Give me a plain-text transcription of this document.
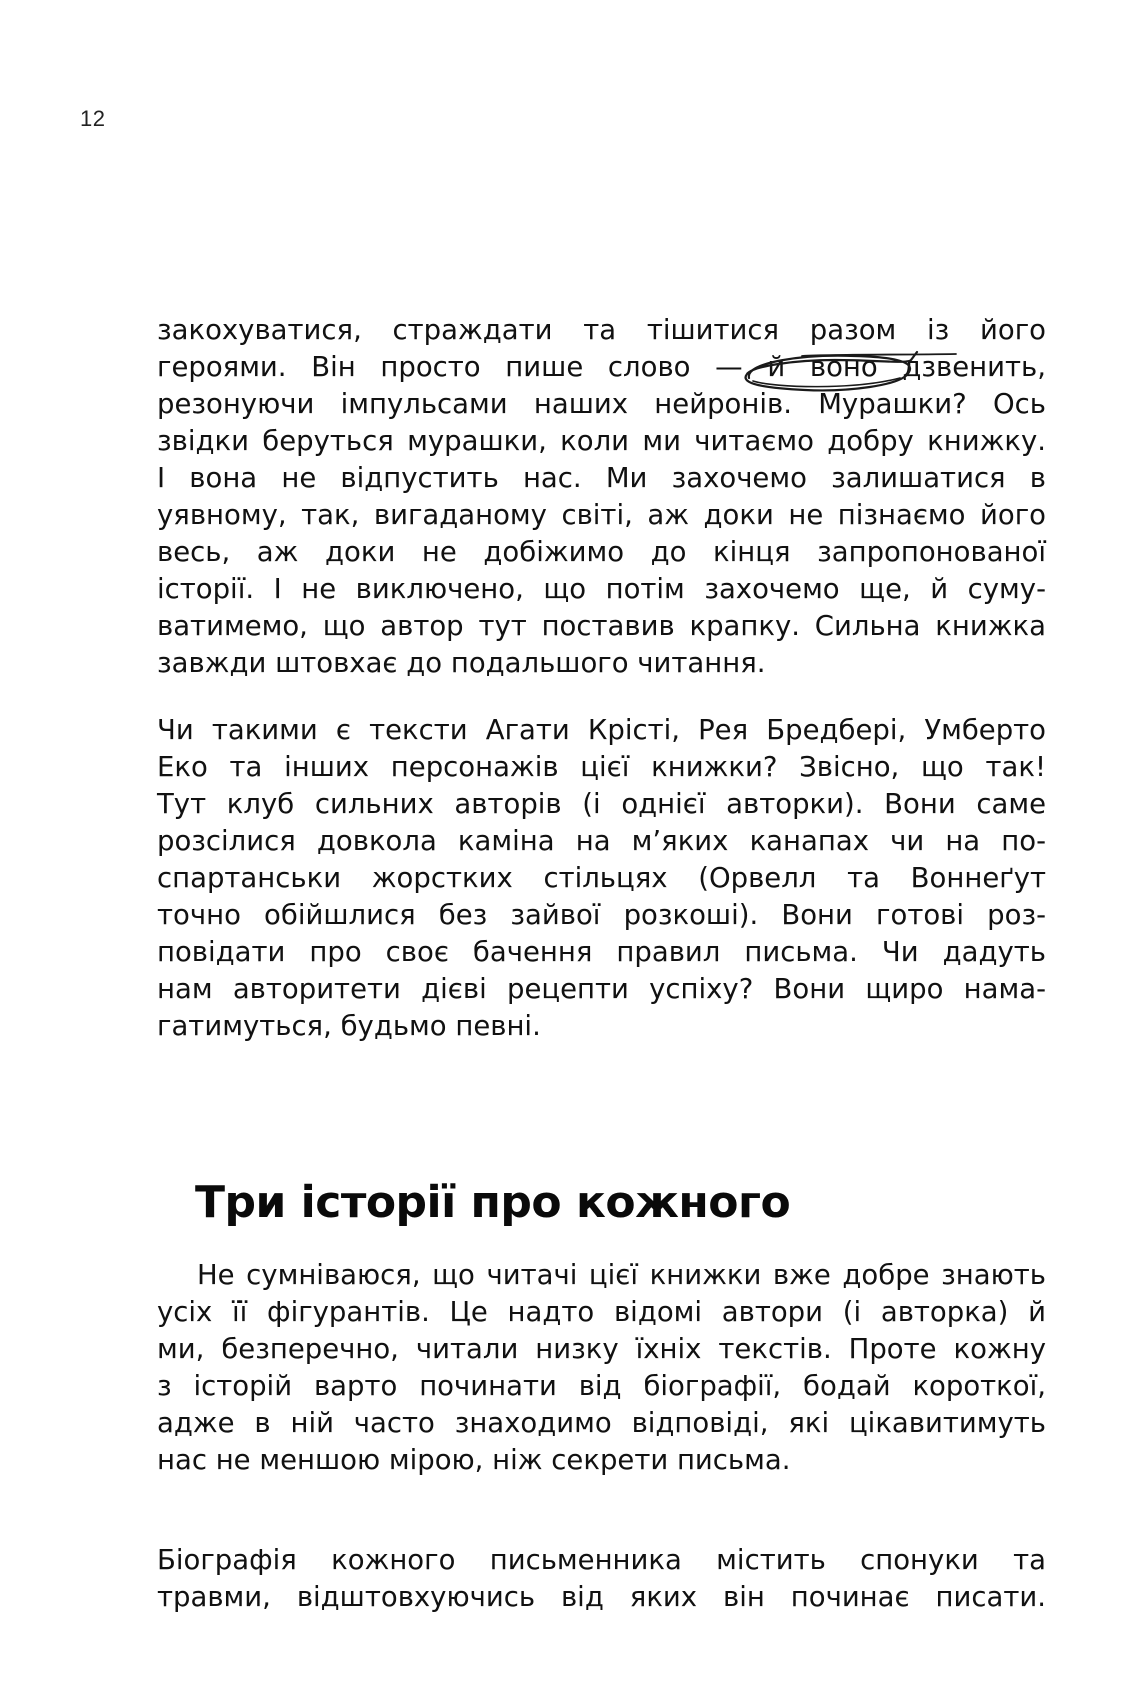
12
закохуватися, страждати та тішитися разом із його
героями. Він просто пише слово — й воно дзвенить,
резонуючи імпульсами наших нейронів. Мурашки? Ось
звідки беруться мурашки, коли ми читаємо добру книжку.
І вона не відпустить нас. Ми захочемо залишатися в
уявному, так, вигаданому світі, аж доки не пізнаємо його
весь, аж доки не добіжимо до кінця запропонованої
історії. І не виключено, що потім захочемо ще, й суму-
ватимемо, що автор тут поставив крапку. Сильна книжка
завжди штовхає до подальшого читання.
Чи такими є тексти Агати Крісті, Рея Бредбері, Умберто
Еко та інших персонажів цієї книжки? Звісно, що так!
Тут клуб сильних авторів (і однієї авторки). Вони саме
розсілися довкола каміна на м’яких канапах чи на по-
спартанськи жорстких стільцях (Орвелл та Воннеґут
точно обійшлися без зайвої розкоші). Вони готові роз-
повідати про своє бачення правил письма. Чи дадуть
нам авторитети дієві рецепти успіху? Вони щиро нама-
гатимуться, будьмо певні.
Три історії про кожного
Не сумніваюся, що читачі цієї книжки вже добре знають
усіх її фігурантів. Це надто відомі автори (і авторка) й
ми, безперечно, читали низку їхніх текстів. Проте кожну
з історій варто починати від біографії, бодай короткої,
адже в ній часто знаходимо відповіді, які цікавитимуть
нас не меншою мірою, ніж секрети письма.
Біографія кожного письменника містить спонуки та
травми, відштовхуючись від яких він починає писати.
